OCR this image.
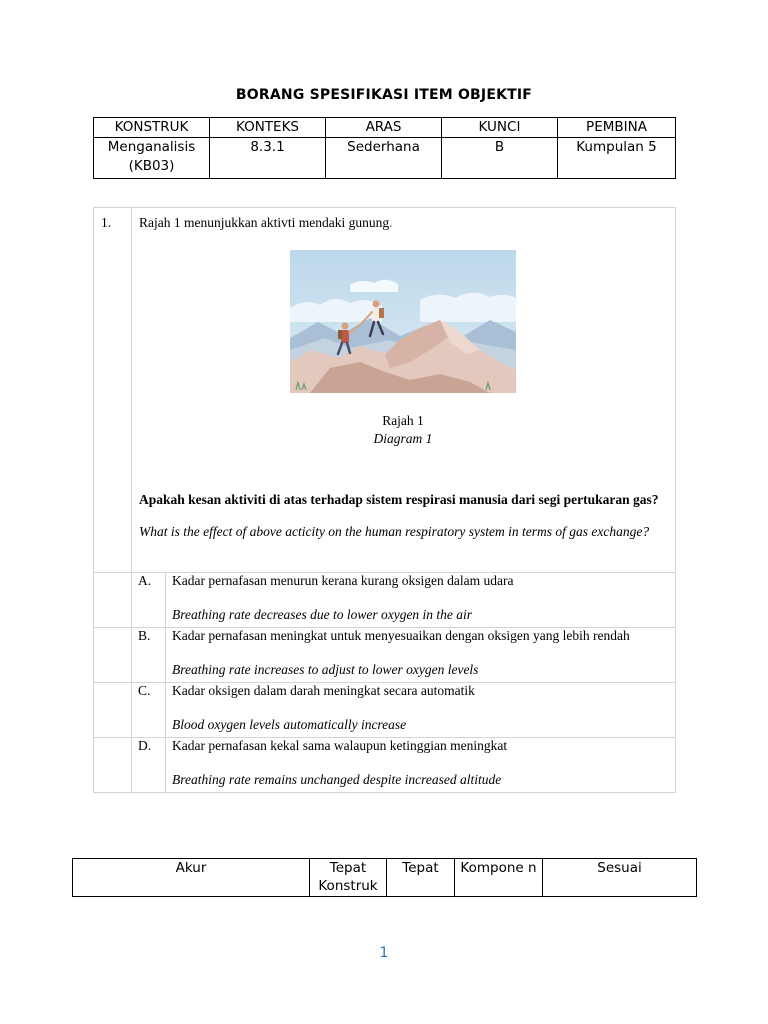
BORANG SPESIFIKASI ITEM OBJEKTIF
KONSTRUK	KONTEKS	ARAS	KUNCI	PEMBINA
Menganalisis (KB03)	8.3.1	Sederhana	B	Kumpulan 5
1.	Rajah 1 menunjukkan aktivti mendaki gunung.

Rajah 1
Diagram 1
Apakah kesan aktiviti di atas terhadap sistem respirasi manusia dari segi pertukaran gas?
What is the effect of above acticity on the human respiratory system in terms of gas exchange?	

	A.	Kadar pernafasan menurun kerana kurang oksigen dalam udara
Breathing rate decreases due to lower oxygen in the air

	B.	Kadar pernafasan meningkat untuk menyesuaikan dengan oksigen yang lebih rendah
Breathing rate increases to adjust to lower oxygen levels

	C.	Kadar oksigen dalam darah meningkat secara automatik
Blood oxygen levels automatically increase

	D.	Kadar pernafasan kekal sama walaupun ketinggian meningkat
Breathing rate remains unchanged despite increased altitude
Akur	Tepat Konstruk	Tepat	Kompone n	Sesuai
1
